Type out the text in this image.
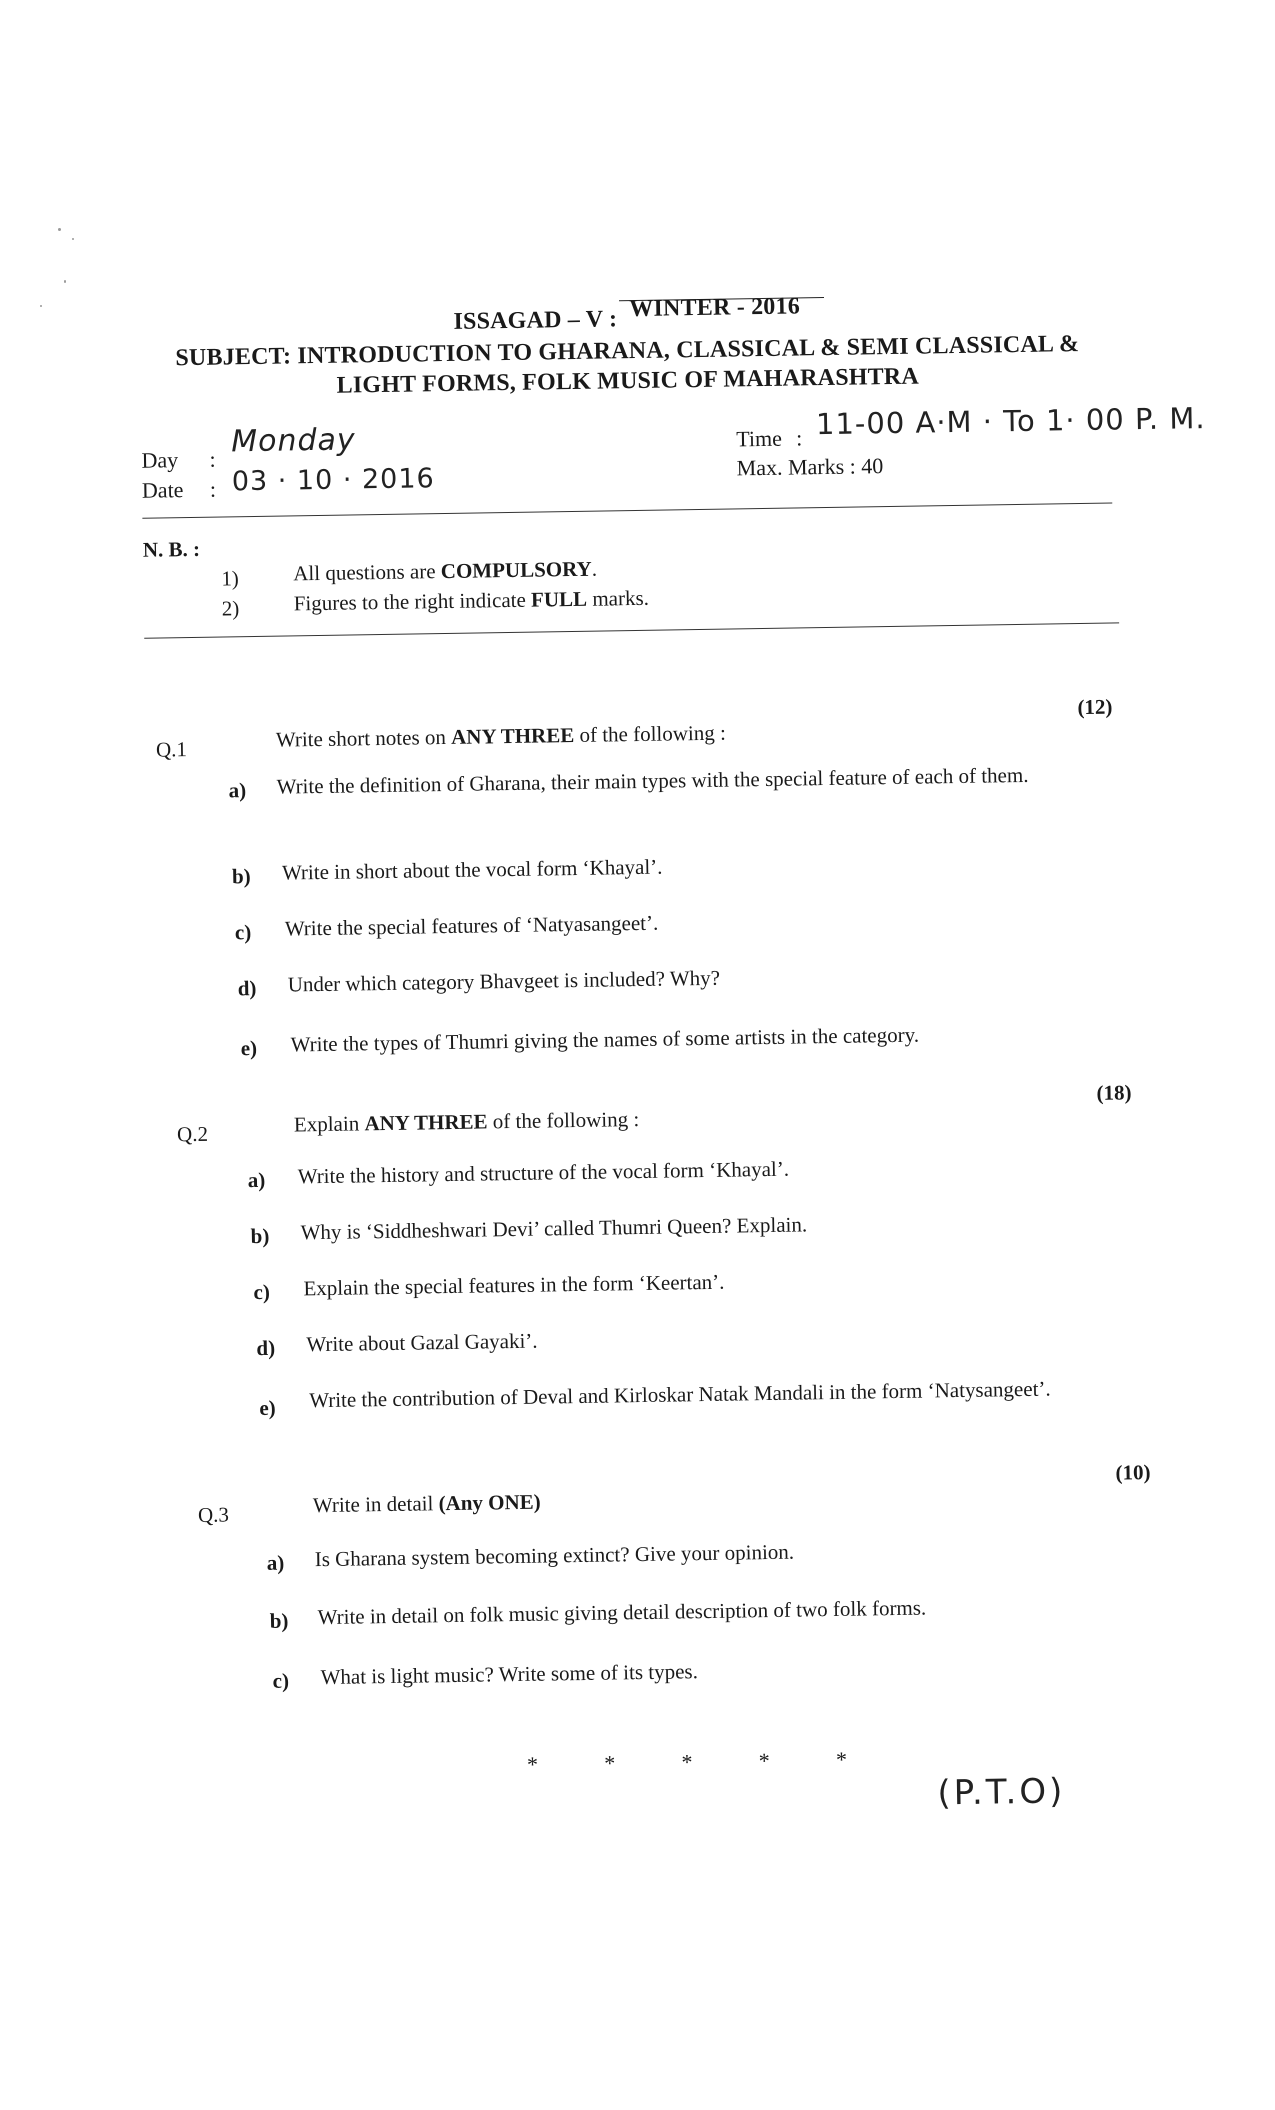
ISSAGAD – V : WINTER - 2016
SUBJECT: INTRODUCTION TO GHARANA, CLASSICAL & SEMI CLASSICAL &
LIGHT FORMS, FOLK MUSIC OF MAHARASHTRA
Day : Monday
Date : 03 · 10 · 2016
Time : 11-00 A·M · To 1· 00 P. M.
Max. Marks : 40
N. B. :
1)	All questions are COMPULSORY.
2)	Figures to the right indicate FULL marks.
Q.1	Write short notes on ANY THREE of the following :
(12)
a) Write the definition of Gharana, their main types with the special feature of each of them.
b) Write in short about the vocal form ‘Khayal’.
c) Write the special features of ‘Natyasangeet’.
d) Under which category Bhavgeet is included? Why?
e) Write the types of Thumri giving the names of some artists in the category.
Q.2	Explain ANY THREE of the following :
(18)
a) Write the history and structure of the vocal form ‘Khayal’.
b) Why is ‘Siddheshwari Devi’ called Thumri Queen? Explain.
c) Explain the special features in the form ‘Keertan’.
d) Write about Gazal Gayaki’.
e) Write the contribution of Deval and Kirloskar Natak Mandali in the form ‘Natysangeet’.
Q.3	Write in detail (Any ONE)
(10)
a) Is Gharana system becoming extinct? Give your opinion.
b) Write in detail on folk music giving detail description of two folk forms.
c) What is light music? Write some of its types.
*	*	*	*	*
(P.T.O)
